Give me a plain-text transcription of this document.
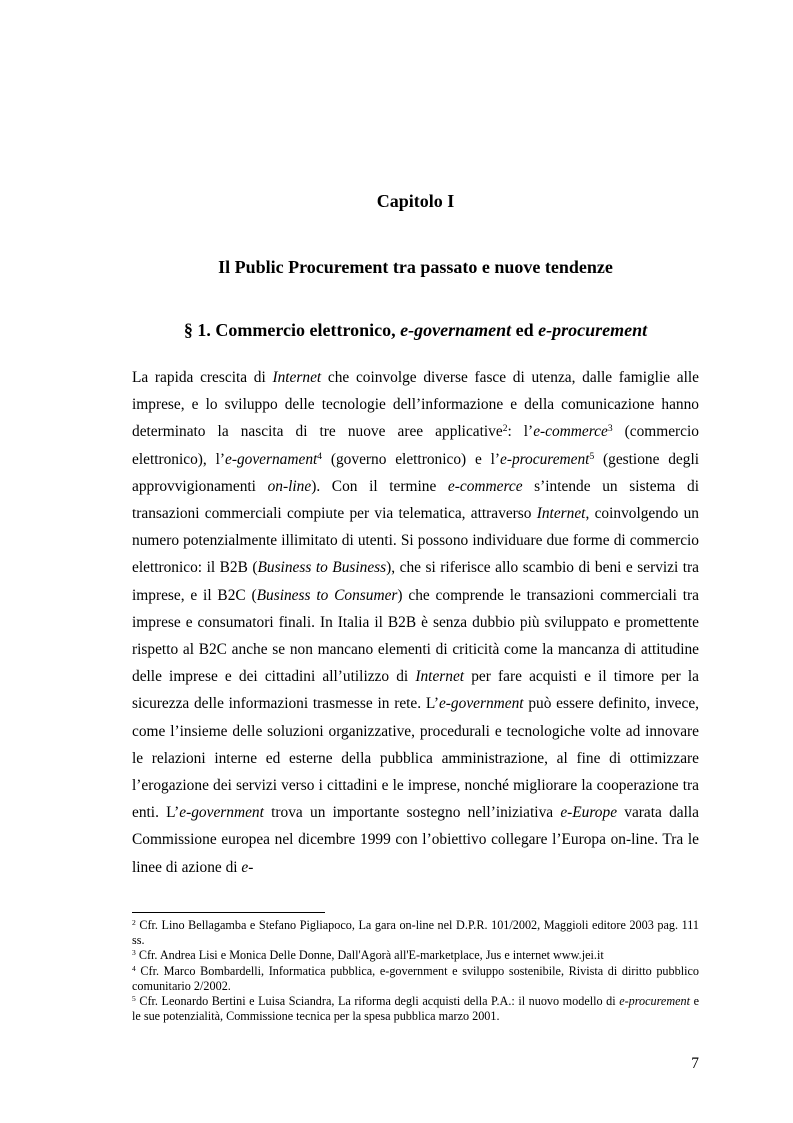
Capitolo I
Il Public Procurement tra passato e nuove tendenze
§ 1. Commercio elettronico, e-governament ed e-procurement

La rapida crescita di Internet che coinvolge diverse fasce di utenza, dalle famiglie alle imprese, e lo sviluppo delle tecnologie dell’informazione e della comunicazione hanno determinato la nascita di tre nuove aree applicative$^2$: l’e-commerce$^3$ (commercio elettronico), l’e-governament$^4$ (governo elettronico) e l’e-procurement$^5$ (gestione degli approvvigionamenti on-line). Con il termine e-commerce s’intende un sistema di transazioni commerciali compiute per via telematica, attraverso Internet, coinvolgendo un numero potenzialmente illimitato di utenti. Si possono individuare due forme di commercio elettronico: il B2B (Business to Business), che si riferisce allo scambio di beni e servizi tra imprese, e il B2C (Business to Consumer) che comprende le transazioni commerciali tra imprese e consumatori finali. In Italia il B2B è senza dubbio più sviluppato e promettente rispetto al B2C anche se non mancano elementi di criticità come la mancanza di attitudine delle imprese e dei cittadini all’utilizzo di Internet per fare acquisti e il timore per la sicurezza delle informazioni trasmesse in rete. L’e-government può essere definito, invece, come l’insieme delle soluzioni organizzative, procedurali e tecnologiche volte ad innovare le relazioni interne ed esterne della pubblica amministrazione, al fine di ottimizzare l’erogazione dei servizi verso i cittadini e le imprese, nonché migliorare la cooperazione tra enti. L’e-government trova un importante sostegno nell’iniziativa e-Europe varata dalla Commissione europea nel dicembre 1999 con l’obiettivo collegare l’Europa on-line. Tra le linee di azione di e-

$^2$ Cfr. Lino Bellagamba e Stefano Pigliapoco, La gara on-line nel D.P.R. 101/2002, Maggioli editore 2003 pag. 111 ss.

$^3$ Cfr. Andrea Lisi e Monica Delle Donne, Dall'Agorà all'E-marketplace, Jus e internet www.jei.it

$^4$ Cfr. Marco Bombardelli, Informatica pubblica, e-government e sviluppo sostenibile, Rivista di diritto pubblico comunitario 2/2002.

$^5$ Cfr. Leonardo Bertini e Luisa Sciandra, La riforma degli acquisti della P.A.: il nuovo modello di e-procurement e le sue potenzialità, Commissione tecnica per la spesa pubblica marzo 2001.

7
